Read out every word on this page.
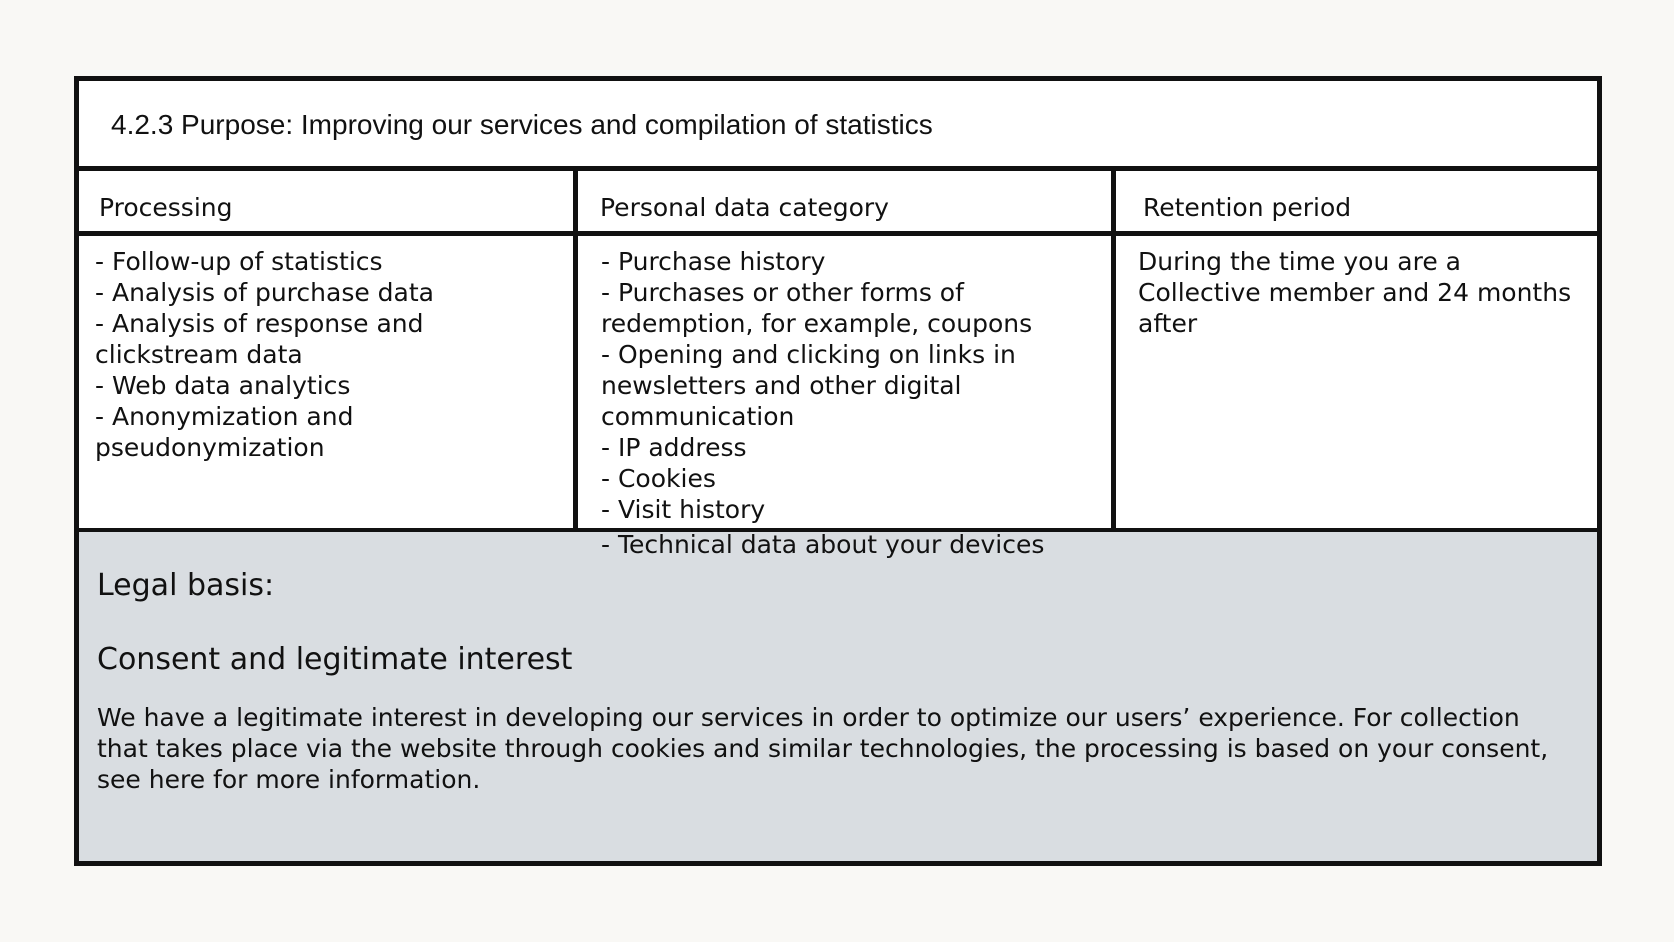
4.2.3 Purpose: Improving our services and compilation of statistics
Processing	Personal data category	Retention period
- Follow-up of statistics
- Analysis of purchase data
- Analysis of response and
clickstream data
- Web data analytics
- Anonymization and
pseudonymization
- Purchase history
- Purchases or other forms of
redemption, for example, coupons
- Opening and clicking on links in
newsletters and other digital
communication
- IP address
- Cookies
- Visit history
During the time you are a
Collective member and 24 months
after
Legal basis:
Consent and legitimate interest
We have a legitimate interest in developing our services in order to optimize our users’ experience. For collection
that takes place via the website through cookies and similar technologies, the processing is based on your consent,
see here for more information.
- Technical data about your devices
